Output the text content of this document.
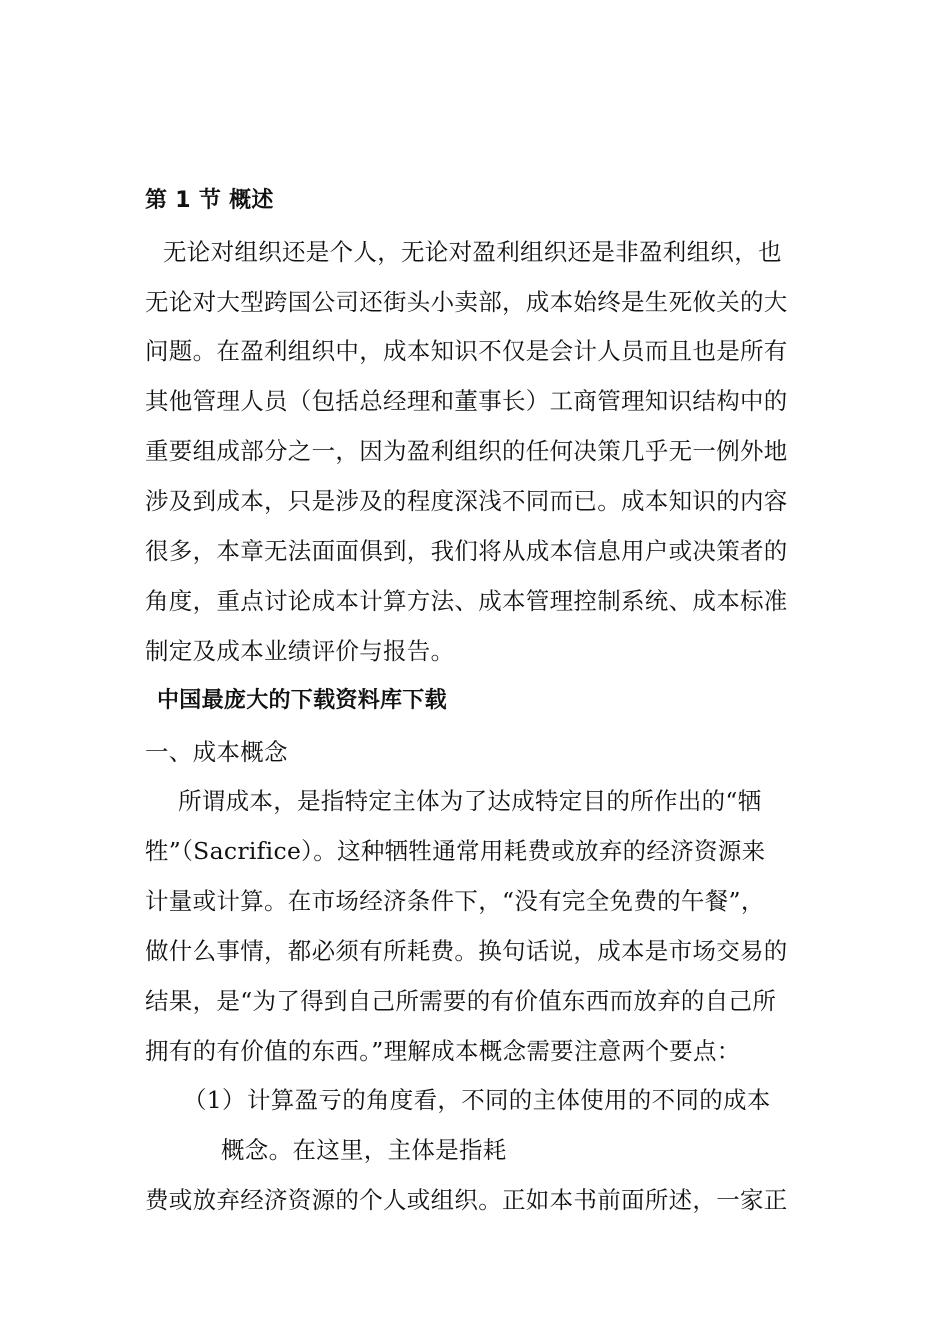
第 1 节 概述
无论对组织还是个人，无论对盈利组织还是非盈利组织，也
无论对大型跨国公司还街头小卖部，成本始终是生死攸关的大
问题。在盈利组织中，成本知识不仅是会计人员而且也是所有
其他管理人员（包括总经理和董事长）工商管理知识结构中的
重要组成部分之一，因为盈利组织的任何决策几乎无一例外地
涉及到成本，只是涉及的程度深浅不同而已。成本知识的内容
很多，本章无法面面俱到，我们将从成本信息用户或决策者的
角度，重点讨论成本计算方法、成本管理控制系统、成本标准
制定及成本业绩评价与报告。
中国最庞大的下载资料库下载
一、成本概念
所谓成本，是指特定主体为了达成特定目的所作出的“牺
牲”（Sacrifice）。这种牺牲通常用耗费或放弃的经济资源来
计量或计算。在市场经济条件下，“没有完全免费的午餐”，
做什么事情，都必须有所耗费。换句话说，成本是市场交易的
结果，是“为了得到自己所需要的有价值东西而放弃的自己所
拥有的有价值的东西。”理解成本概念需要注意两个要点：
（1） 计算盈亏的角度看，不同的主体使用的不同的成本
概念。在这里，主体是指耗
费或放弃经济资源的个人或组织。正如本书前面所述，一家正
